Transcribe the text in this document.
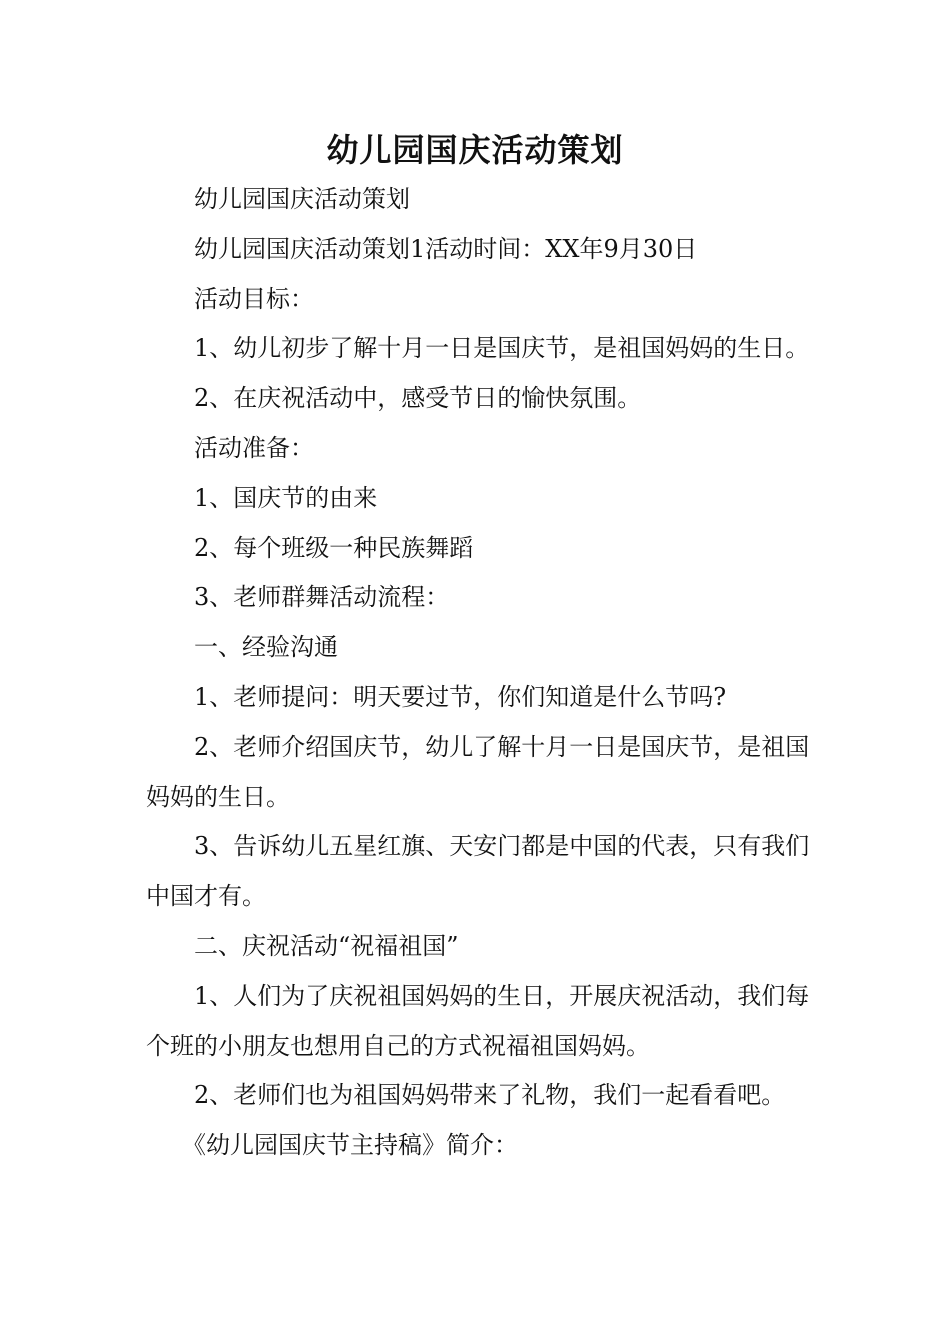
幼儿园国庆活动策划

幼儿园国庆活动策划

幼儿园国庆活动策划1活动时间：XX年9月30日

活动目标：

1、幼儿初步了解十月一日是国庆节，是祖国妈妈的生日。

2、在庆祝活动中，感受节日的愉快氛围。

活动准备：

1、国庆节的由来

2、每个班级一种民族舞蹈

3、老师群舞活动流程：

一、经验沟通

1、老师提问：明天要过节，你们知道是什么节吗?

2、老师介绍国庆节，幼儿了解十月一日是国庆节，是祖国妈妈的生日。

3、告诉幼儿五星红旗、天安门都是中国的代表，只有我们中国才有。

二、庆祝活动“祝福祖国”

1、人们为了庆祝祖国妈妈的生日，开展庆祝活动，我们每个班的小朋友也想用自己的方式祝福祖国妈妈。

2、老师们也为祖国妈妈带来了礼物，我们一起看看吧。

《幼儿园国庆节主持稿》简介：
